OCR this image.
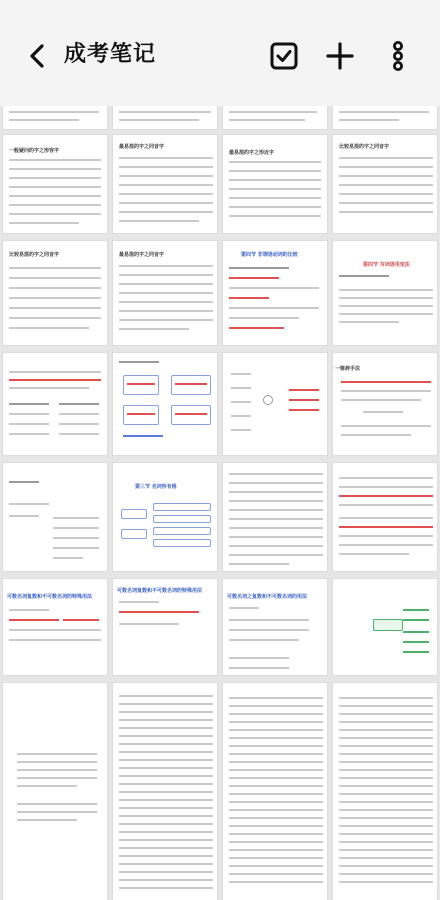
成考笔记
一般疑问的字之形容字
最易混的字之同音字
最易混的字之形近字
比较易混的字之同音字
比较易混的字之同音字	最易混的字之同音字	第四节 非谓语动词的比较
第四节 写词语用变法
一修辞手法
第三节 名词所有格
可数名词复数和不可数名词的特殊用法
可数名词复数和不可数名词的特殊用法
可数名词之复数和不可数名词的用法
